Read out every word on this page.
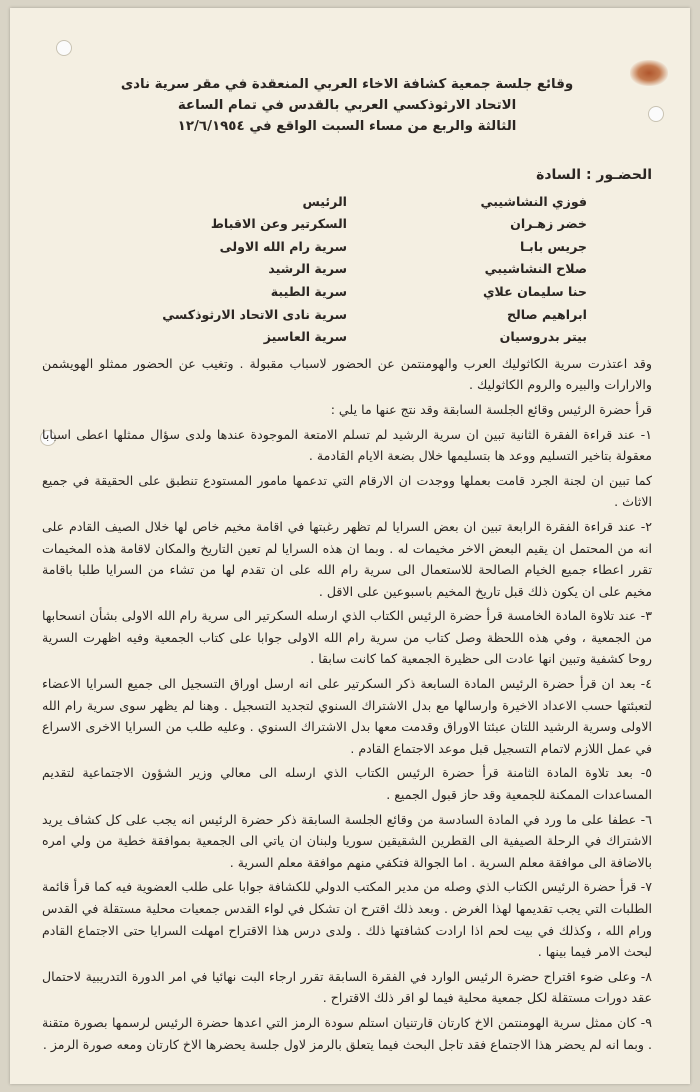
وقائع جلسة جمعية كشافة الاخاء العربي المنعقدة في مقر سرية نادى
الاتحاد الارثوذكسي العربي بالقدس في تمام الساعة
الثالثة والربع من مساء السبت الواقع في ١٢/٦/١٩٥٤
الحضـور : السادة
فوزي النشاشيبي
الرئيس
خضر زهـران
السكرتير وعن الاقباط
جريس بابـا
سرية رام الله الاولى
صلاح النشاشيبي
سرية الرشيد
حنا سليمان علاي
سرية الطيبة
ابراهيم صالح
سرية نادى الاتحاد الارثوذكسي
بيتر بدروسيان
سرية العاسيز

وقد اعتذرت سرية الكاثوليك العرب والهومنتمن عن الحضور لاسباب مقبولة . وتغيب عن الحضور ممثلو الهويشمن والارارات والبيره والروم الكاثوليك .

قرأ حضرة الرئيس وقائع الجلسة السابقة وقد نتج عنها ما يلي :

١- عند قراءة الفقرة الثانية تبين ان سرية الرشيد لم تسلم الامتعة الموجودة عندها ولدى سؤال ممثلها اعطى اسبابا معقولة بتاخير التسليم ووعد ها بتسليمها خلال بضعة الايام القادمة .

كما تبين ان لجنة الجرد قامت بعملها ووجدت ان الارقام التي تدعمها مامور المستودع تنطبق على الحقيقة في جميع الاثاث .

٢- عند قراءة الفقرة الرابعة تبين ان بعض السرايا لم تظهر رغبتها في اقامة مخيم خاص لها خلال الصيف القادم على انه من المحتمل ان يقيم البعض الاخر مخيمات له . وبما ان هذه السرايا لم تعين التاريخ والمكان لاقامة هذه المخيمات تقرر اعطاء جميع الخيام الصالحة للاستعمال الى سرية رام الله على ان تقدم لها من تشاء من السرايا طلبا باقامة مخيم على ان يكون ذلك قبل تاريخ المخيم باسبوعين على الاقل .

٣- عند تلاوة المادة الخامسة قرأ حضرة الرئيس الكتاب الذي ارسله السكرتير الى سرية رام الله الاولى بشأن انسحابها من الجمعية ، وفي هذه اللحظة وصل كتاب من سرية رام الله الاولى جوابا على كتاب الجمعية وفيه اظهرت السرية روحا كشفية وتبين انها عادت الى حظيرة الجمعية كما كانت سابقا .

٤- بعد ان قرأ حضرة الرئيس المادة السابعة ذكر السكرتير على انه ارسل اوراق التسجيل الى جميع السرايا الاعضاء لتعبئتها حسب الاعداد الاخيرة وارسالها مع بدل الاشتراك السنوي لتجديد التسجيل . وهنا لم يظهر سوى سرية رام الله الاولى وسرية الرشيد اللتان عبئتا الاوراق وقدمت معها بدل الاشتراك السنوي . وعليه طلب من السرايا الاخرى الاسراع في عمل اللازم لاتمام التسجيل قبل موعد الاجتماع القادم .

٥- بعد تلاوة المادة الثامنة قرأ حضرة الرئيس الكتاب الذي ارسله الى معالي وزير الشؤون الاجتماعية لتقديم المساعدات الممكنة للجمعية وقد حاز قبول الجميع .

٦- عطفا على ما ورد في المادة السادسة من وقائع الجلسة السابقة ذكر حضرة الرئيس انه يجب على كل كشاف يريد الاشتراك في الرحلة الصيفية الى القطرين الشقيقين سوريا ولبنان ان ياتي الى الجمعية بموافقة خطية من ولي امره بالاضافة الى موافقة معلم السرية . اما الجوالة فتكفي منهم موافقة معلم السرية .

٧- قرأ حضرة الرئيس الكتاب الذي وصله من مدير المكتب الدولي للكشافة جوابا على طلب العضوية فيه كما قرأ قائمة الطلبات التي يجب تقديمها لهذا الغرض . وبعد ذلك اقترح ان تشكل في لواء القدس جمعيات محلية مستقلة في القدس ورام الله ، وكذلك في بيت لحم اذا ارادت كشافتها ذلك . ولدى درس هذا الاقتراح امهلت السرايا حتى الاجتماع القادم لبحث الامر فيما بينها .

٨- وعلى ضوء اقتراح حضرة الرئيس الوارد في الفقرة السابقة تقرر ارجاء البت نهائيا في امر الدورة التدريبية لاحتمال عقد دورات مستقلة لكل جمعية محلية فيما لو اقر ذلك الاقتراح .

٩- كان ممثل سرية الهومنتمن الاخ كارتان قارتنيان استلم سودة الرمز التي اعدها حضرة الرئيس لرسمها بصورة متقنة . وبما انه لم يحضر هذا الاجتماع فقد تاجل البحث فيما يتعلق بالرمز لاول جلسة يحضرها الاخ كارتان ومعه صورة الرمز .
